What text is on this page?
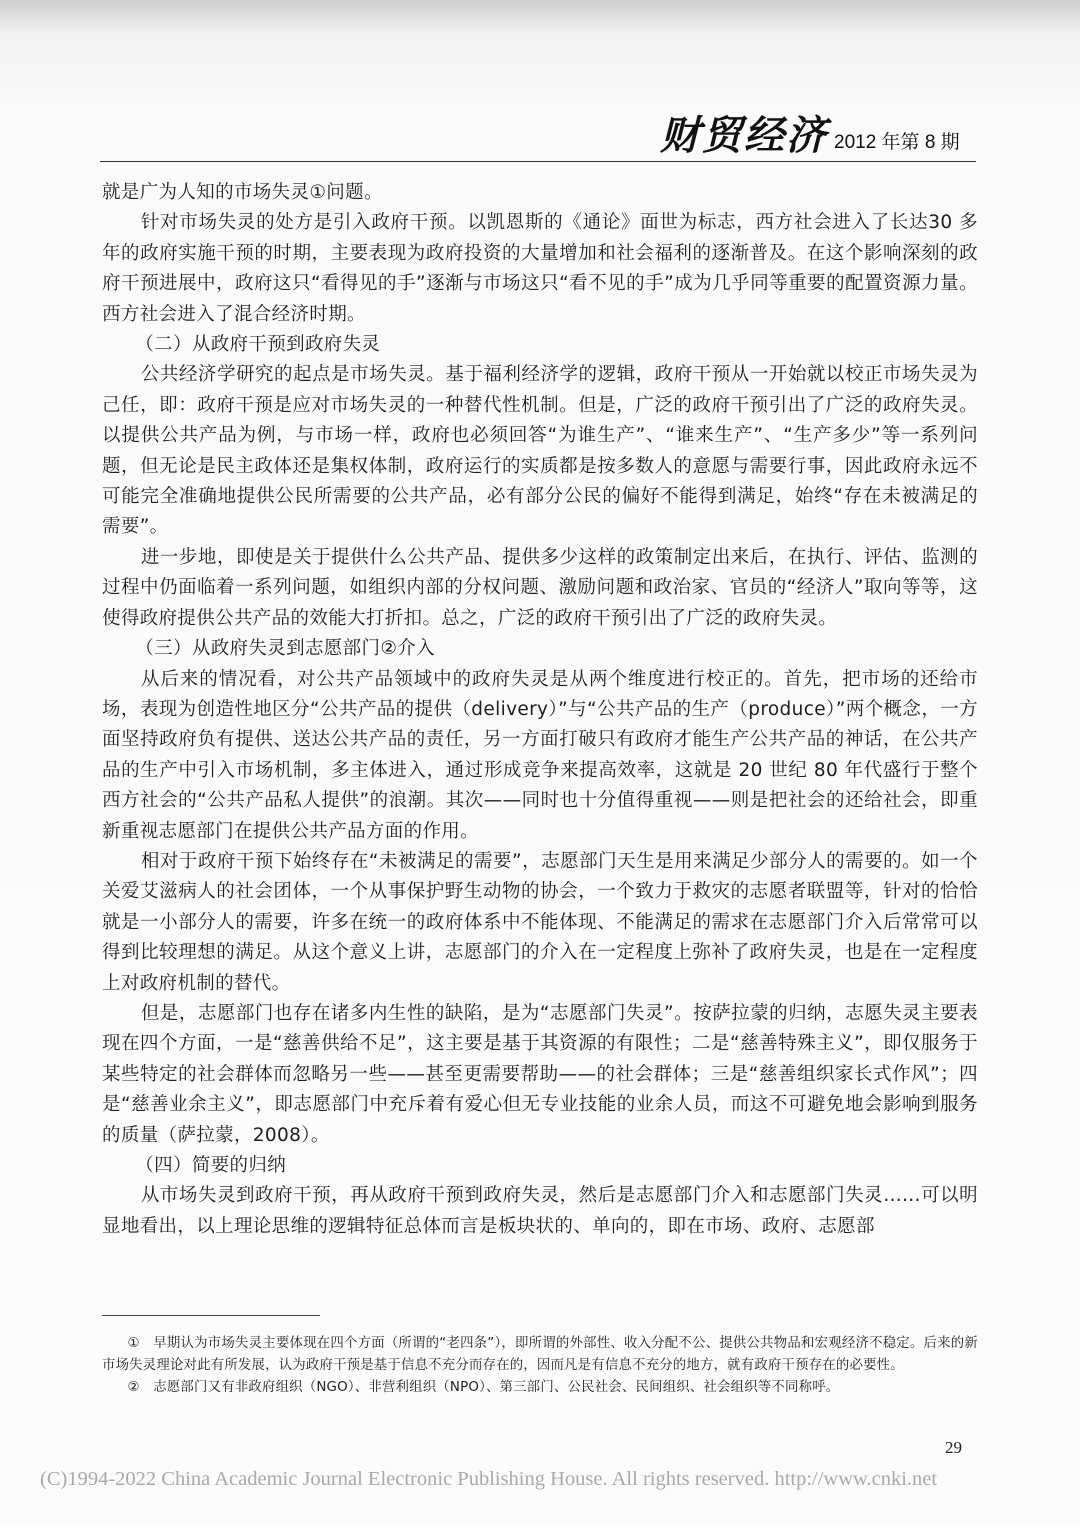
财贸经济 2012 年第 8 期

就是广为人知的市场失灵①问题。

针对市场失灵的处方是引入政府干预。以凯恩斯的《通论》面世为标志，西方社会进入了长达30 多年的政府实施干预的时期，主要表现为政府投资的大量增加和社会福利的逐渐普及。在这个影响深刻的政府干预进展中，政府这只“看得见的手”逐渐与市场这只“看不见的手”成为几乎同等重要的配置资源力量。西方社会进入了混合经济时期。

（二）从政府干预到政府失灵

公共经济学研究的起点是市场失灵。基于福利经济学的逻辑，政府干预从一开始就以校正市场失灵为己任，即：政府干预是应对市场失灵的一种替代性机制。但是，广泛的政府干预引出了广泛的政府失灵。以提供公共产品为例，与市场一样，政府也必须回答“为谁生产”、“谁来生产”、“生产多少”等一系列问题，但无论是民主政体还是集权体制，政府运行的实质都是按多数人的意愿与需要行事，因此政府永远不可能完全准确地提供公民所需要的公共产品，必有部分公民的偏好不能得到满足，始终“存在未被满足的需要”。

进一步地，即使是关于提供什么公共产品、提供多少这样的政策制定出来后，在执行、评估、监测的过程中仍面临着一系列问题，如组织内部的分权问题、激励问题和政治家、官员的“经济人”取向等等，这使得政府提供公共产品的效能大打折扣。总之，广泛的政府干预引出了广泛的政府失灵。

（三）从政府失灵到志愿部门②介入

从后来的情况看，对公共产品领域中的政府失灵是从两个维度进行校正的。首先，把市场的还给市场，表现为创造性地区分“公共产品的提供（delivery）”与“公共产品的生产（produce）”两个概念，一方面坚持政府负有提供、送达公共产品的责任，另一方面打破只有政府才能生产公共产品的神话，在公共产品的生产中引入市场机制，多主体进入，通过形成竞争来提高效率，这就是 20 世纪 80 年代盛行于整个西方社会的“公共产品私人提供”的浪潮。其次——同时也十分值得重视——则是把社会的还给社会，即重新重视志愿部门在提供公共产品方面的作用。

相对于政府干预下始终存在“未被满足的需要”，志愿部门天生是用来满足少部分人的需要的。如一个关爱艾滋病人的社会团体，一个从事保护野生动物的协会，一个致力于救灾的志愿者联盟等，针对的恰恰就是一小部分人的需要，许多在统一的政府体系中不能体现、不能满足的需求在志愿部门介入后常常可以得到比较理想的满足。从这个意义上讲，志愿部门的介入在一定程度上弥补了政府失灵，也是在一定程度上对政府机制的替代。

但是，志愿部门也存在诸多内生性的缺陷，是为“志愿部门失灵”。按萨拉蒙的归纳，志愿失灵主要表现在四个方面，一是“慈善供给不足”，这主要是基于其资源的有限性；二是“慈善特殊主义”，即仅服务于某些特定的社会群体而忽略另一些——甚至更需要帮助——的社会群体；三是“慈善组织家长式作风”；四是“慈善业余主义”，即志愿部门中充斥着有爱心但无专业技能的业余人员，而这不可避免地会影响到服务的质量（萨拉蒙，2008）。

（四）简要的归纳

从市场失灵到政府干预，再从政府干预到政府失灵，然后是志愿部门介入和志愿部门失灵……可以明显地看出，以上理论思维的逻辑特征总体而言是板块状的、单向的，即在市场、政府、志愿部

①　早期认为市场失灵主要体现在四个方面（所谓的“老四条”），即所谓的外部性、收入分配不公、提供公共物品和宏观经济不稳定。后来的新市场失灵理论对此有所发展，认为政府干预是基于信息不充分而存在的，因而凡是有信息不充分的地方，就有政府干预存在的必要性。

②　志愿部门又有非政府组织（NGO）、非营利组织（NPO）、第三部门、公民社会、民间组织、社会组织等不同称呼。

29
(C)1994-2022 China Academic Journal Electronic Publishing House. All rights reserved. http://www.cnki.net
